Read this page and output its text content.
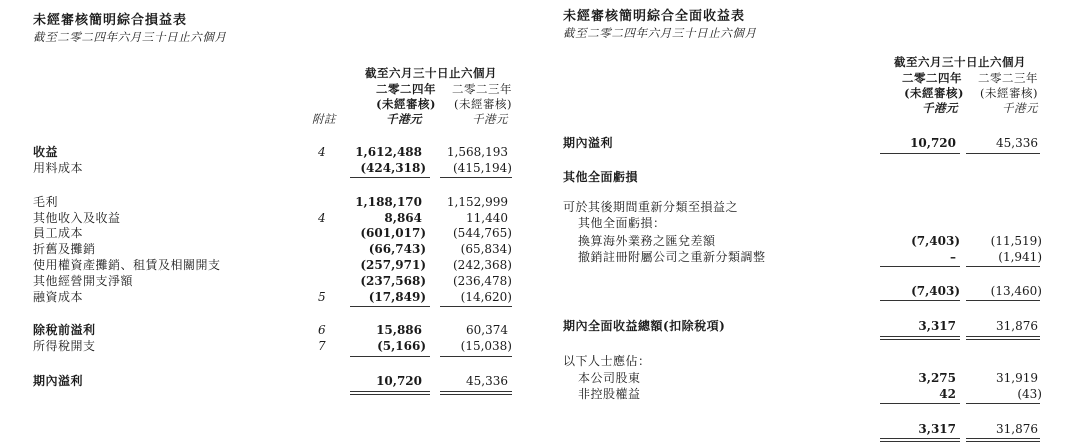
未經審核簡明綜合損益表
截至二零二四年六月三十日止六個月
截至六月三十日止六個月
二零二四年	二零二三年
(未經審核)	(未經審核)
附註	千港元	千港元
收益	4	1,612,488	1,568,193
用料成本	(424,318)	(415,194)
毛利	1,188,170	1,152,999
其他收入及收益	4	8,864	11,440
員工成本	(601,017)	(544,765)
折舊及攤銷	(66,743)	(65,834)
使用權資產攤銷、租賃及相關開支	(257,971)	(242,368)
其他經營開支淨額	(237,568)	(236,478)
融資成本	5	(17,849)	(14,620)
除稅前溢利	6	15,886	60,374
所得稅開支	7	(5,166)	(15,038)
期內溢利	10,720	45,336
未經審核簡明綜合全面收益表
截至二零二四年六月三十日止六個月
截至六月三十日止六個月
二零二四年	二零二三年
(未經審核)	(未經審核)
千港元	千港元
期內溢利	10,720	45,336
其他全面虧損
可於其後期間重新分類至損益之
其他全面虧損：
換算海外業務之匯兌差額	(7,403)	(11,519)
撤銷註冊附屬公司之重新分類調整	–	(1,941)
(7,403)	(13,460)
期內全面收益總額(扣除稅項)	3,317	31,876
以下人士應佔：
本公司股東	3,275	31,919
非控股權益	42	(43)
3,317	31,876
